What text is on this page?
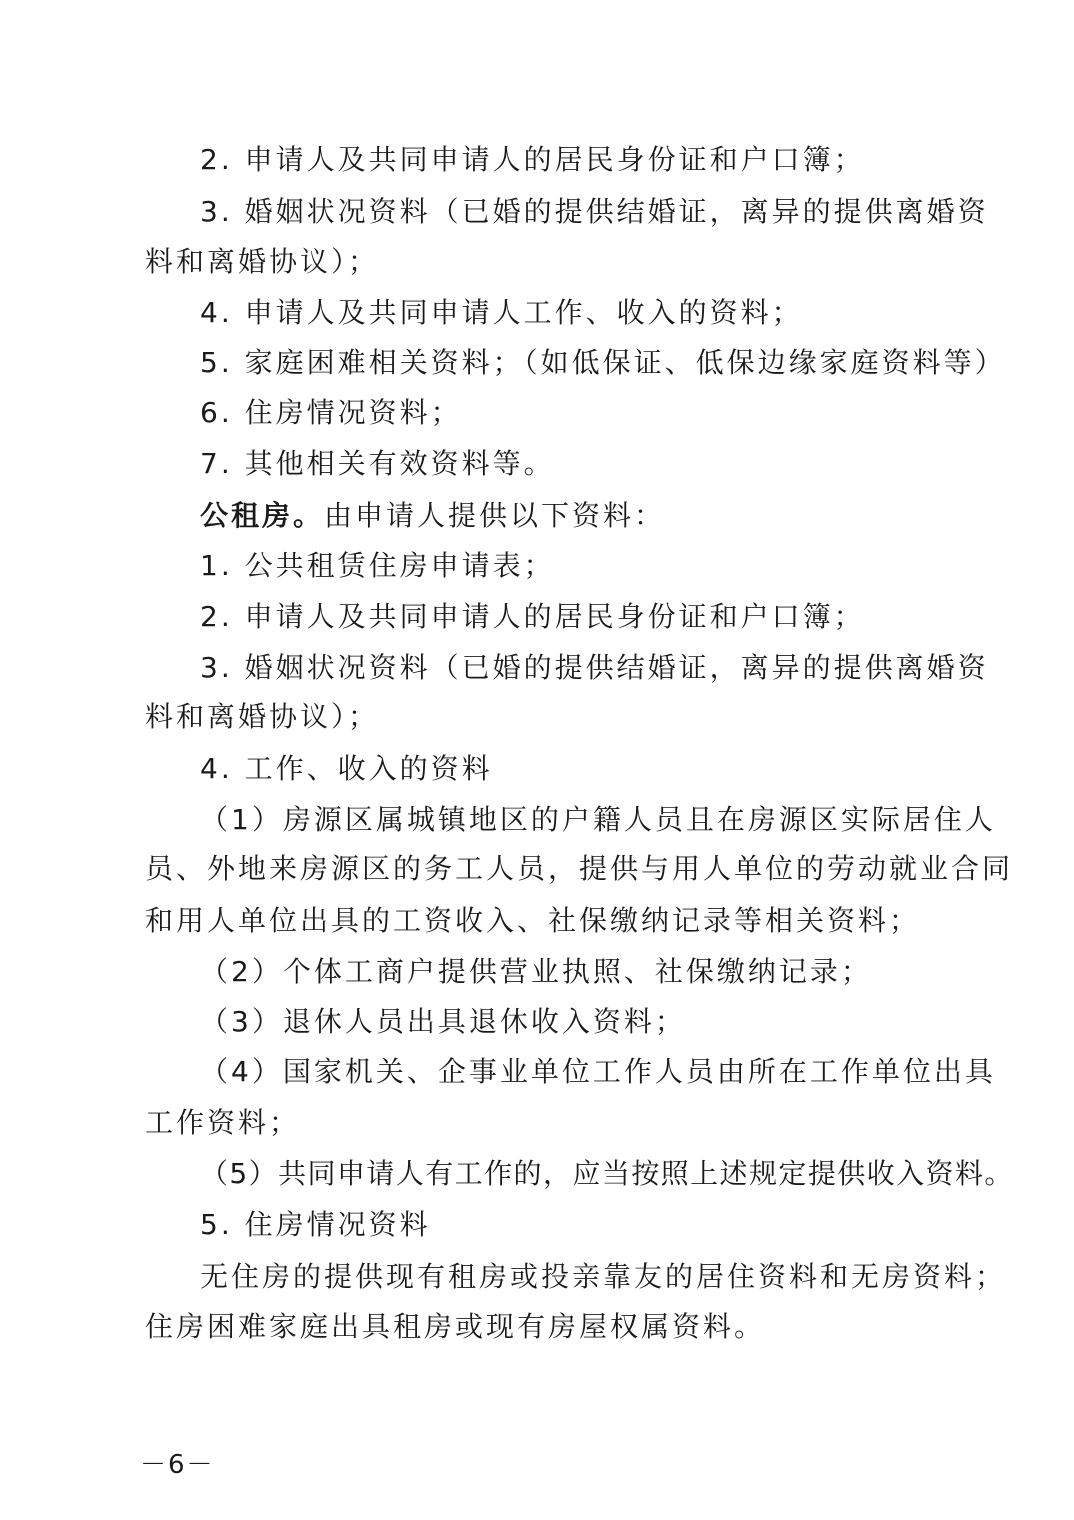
2. 申请人及共同申请人的居民身份证和户口簿；
3. 婚姻状况资料（已婚的提供结婚证，离异的提供离婚资
料和离婚协议）；
4. 申请人及共同申请人工作、收入的资料；
5. 家庭困难相关资料；（如低保证、低保边缘家庭资料等）
6. 住房情况资料；
7. 其他相关有效资料等。
公租房。由申请人提供以下资料：
1. 公共租赁住房申请表；
2. 申请人及共同申请人的居民身份证和户口簿；
3. 婚姻状况资料（已婚的提供结婚证，离异的提供离婚资
料和离婚协议）；
4. 工作、收入的资料
（1）房源区属城镇地区的户籍人员且在房源区实际居住人
员、外地来房源区的务工人员，提供与用人单位的劳动就业合同
和用人单位出具的工资收入、社保缴纳记录等相关资料；
（2）个体工商户提供营业执照、社保缴纳记录；
（3）退休人员出具退休收入资料；
（4）国家机关、企事业单位工作人员由所在工作单位出具
工作资料；
（5）共同申请人有工作的，应当按照上述规定提供收入资料。
5. 住房情况资料
无住房的提供现有租房或投亲靠友的居住资料和无房资料；
住房困难家庭出具租房或现有房屋权属资料。
－6－
